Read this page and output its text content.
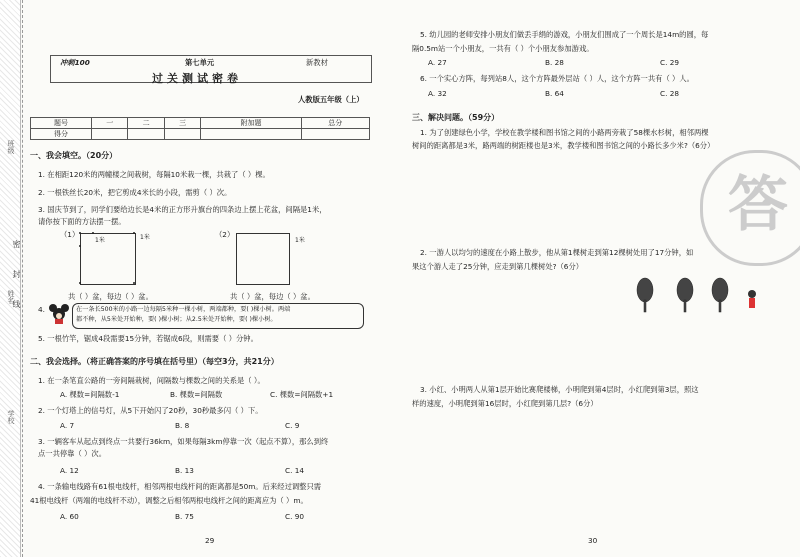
班级
姓名
学校
密
封
线
冲刺100	第七单元	新教材
过关测试密卷
人教版五年级（上）
题号	一	二	三	附加题	总分
得分					
一、我会填空。（20分）
1. 在相距120米的两幢楼之间栽树，每隔10米栽一棵，共栽了（ ）棵。
2. 一根铁丝长20米，把它剪成4米长的小段，需剪（ ）次。
3. 国庆节到了，同学们要给边长是4米的正方形升旗台的四条边上摆上花盆，间隔是1米，
请你按下面的方法摆一摆。
（1）
1米	1米
共（ ）盆，每边（ ）盆。
（2）
1米
共（ ）盆，每边（ ）盆。
4.	在一条长500米的小路一边每隔5米种一棵小树，两端都种，要( )棵小树。两端
都不种，从5米处开始种，要( )棵小树；从2.5米处开始种，要( )棵小树。
5. 一根竹竿，锯成4段需要15分钟，若锯成6段，则需要（ ）分钟。
二、我会选择。（将正确答案的序号填在括号里）（每空3分，共21分）
1. 在一条笔直公路的一旁间隔栽树，间隔数与棵数之间的关系是（ ）。
A. 棵数=间隔数-1	B. 棵数=间隔数	C. 棵数=间隔数+1
2. 一个灯塔上的信号灯，从5下开始闪了20秒，30秒最多闪（ ）下。
A. 7	B. 8	C. 9
3. 一辆客车从起点到终点一共要行36km，如果每隔3km停靠一次（起点不算），那么到终
点一共停靠（ ）次。
A. 12	B. 13	C. 14
4. 一条输电线路有61根电线杆，相邻两根电线杆间的距离都是50m。后来经过调整只需
41根电线杆（两端的电线杆不动），调整之后相邻两根电线杆之间的距离应为（ ）m。
A. 60	B. 75	C. 90
29
答
5. 幼儿园的老师安排小朋友们做丢手绢的游戏，小朋友们围成了一个周长是14m的圆，每
隔0.5m站一个小朋友，一共有（ ）个小朋友参加游戏。
A. 27	B. 28	C. 29
6. 一个实心方阵，每列站8人，这个方阵最外层站（ ）人，这个方阵一共有（ ）人。
A. 32	B. 64	C. 28
三、解决问题。（59分）
1. 为了创建绿色小学，学校在教学楼和图书馆之间的小路两旁栽了58棵水杉树，相邻两棵
树间的距离都是3米，路两端的树距楼也是3米，教学楼和图书馆之间的小路长多少米?（6分）
2. 一游人以均匀的速度在小路上散步，他从第1棵树走到第12棵树处用了17分钟，如
果这个游人走了25分钟，应走到第几棵树处?（6分）
3. 小红、小明两人从第1层开始比赛爬楼梯，小明爬到第4层时，小红爬到第3层，照这
样的速度，小明爬到第16层时，小红爬到第几层?（6分）
30
